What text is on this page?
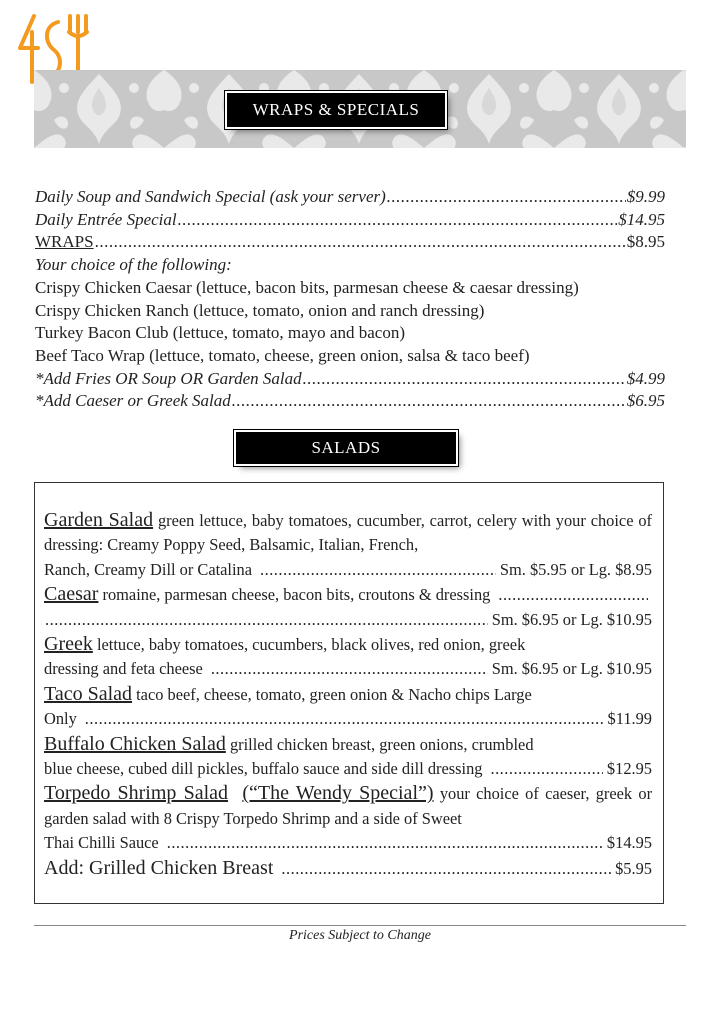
WRAPS & SPECIALS
Daily Soup and Sandwich Special (ask your server) .....	$9.99
Daily Entrée Special .....	$14.95
WRAPS .....	$8.95
Your choice of the following:
Crispy Chicken Caesar (lettuce, bacon bits, parmesan cheese & caesar dressing)
Crispy Chicken Ranch (lettuce, tomato, onion and ranch dressing)
Turkey Bacon Club (lettuce, tomato, mayo and bacon)
Beef Taco Wrap (lettuce, tomato, cheese, green onion, salsa & taco beef)
*Add Fries OR Soup OR Garden Salad .....	$4.99
*Add Caeser or Greek Salad .....	$6.95
SALADS
Garden Salad green lettuce, baby tomatoes, cucumber, carrot, celery with your choice of dressing: Creamy Poppy Seed, Balsamic, Italian, French,
Ranch, Creamy Dill or Catalina .....	Sm. $5.95 or Lg. $8.95
Caesar
romaine, parmesan cheese, bacon bits, croutons & dressing
.....
.....
Sm. $6.95 or Lg. $10.95
Greek lettuce, baby tomatoes, cucumbers, black olives, red onion, greek
dressing and feta cheese .....	Sm. $6.95 or Lg. $10.95
Taco Salad taco beef, cheese, tomato, green onion & Nacho chips Large
Only .....	$11.99
Buffalo Chicken Salad grilled chicken breast, green onions, crumbled
blue cheese, cubed dill pickles, buffalo sauce and side dill dressing .....	$12.95
Torpedo Shrimp Salad (“The Wendy Special”) your choice of caeser, greek or garden salad with 8 Crispy Torpedo Shrimp and a side of Sweet
Thai Chilli Sauce .....	$14.95
Add: Grilled Chicken Breast .....	$5.95
Prices Subject to Change
